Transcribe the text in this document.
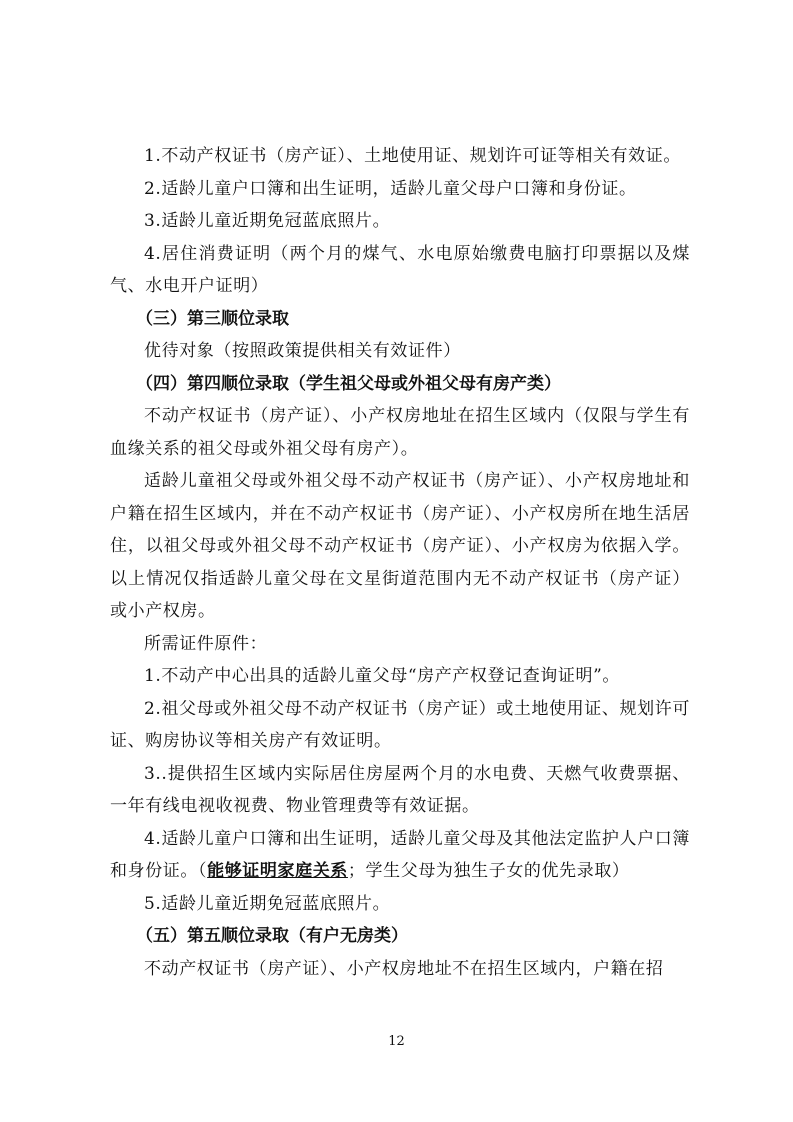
1.不动产权证书（房产证）、土地使用证、规划许可证等相关有效证。

2.适龄儿童户口簿和出生证明，适龄儿童父母户口簿和身份证。

3.适龄儿童近期免冠蓝底照片。

4.居住消费证明（两个月的煤气、水电原始缴费电脑打印票据以及煤气、水电开户证明）

（三）第三顺位录取

优待对象（按照政策提供相关有效证件）

（四）第四顺位录取（学生祖父母或外祖父母有房产类）

不动产权证书（房产证）、小产权房地址在招生区域内（仅限与学生有血缘关系的祖父母或外祖父母有房产）。

适龄儿童祖父母或外祖父母不动产权证书（房产证）、小产权房地址和户籍在招生区域内，并在不动产权证书（房产证）、小产权房所在地生活居住，以祖父母或外祖父母不动产权证书（房产证）、小产权房为依据入学。以上情况仅指适龄儿童父母在文星街道范围内无不动产权证书（房产证）或小产权房。

所需证件原件：

1.不动产中心出具的适龄儿童父母“房产产权登记查询证明”。

2.祖父母或外祖父母不动产权证书（房产证）或土地使用证、规划许可证、购房协议等相关房产有效证明。

3..提供招生区域内实际居住房屋两个月的水电费、天燃气收费票据、一年有线电视收视费、物业管理费等有效证据。

4.适龄儿童户口簿和出生证明，适龄儿童父母及其他法定监护人户口簿和身份证。（能够证明家庭关系；学生父母为独生子女的优先录取）

5.适龄儿童近期免冠蓝底照片。

（五）第五顺位录取（有户无房类）

不动产权证书（房产证）、小产权房地址不在招生区域内，户籍在招

12
